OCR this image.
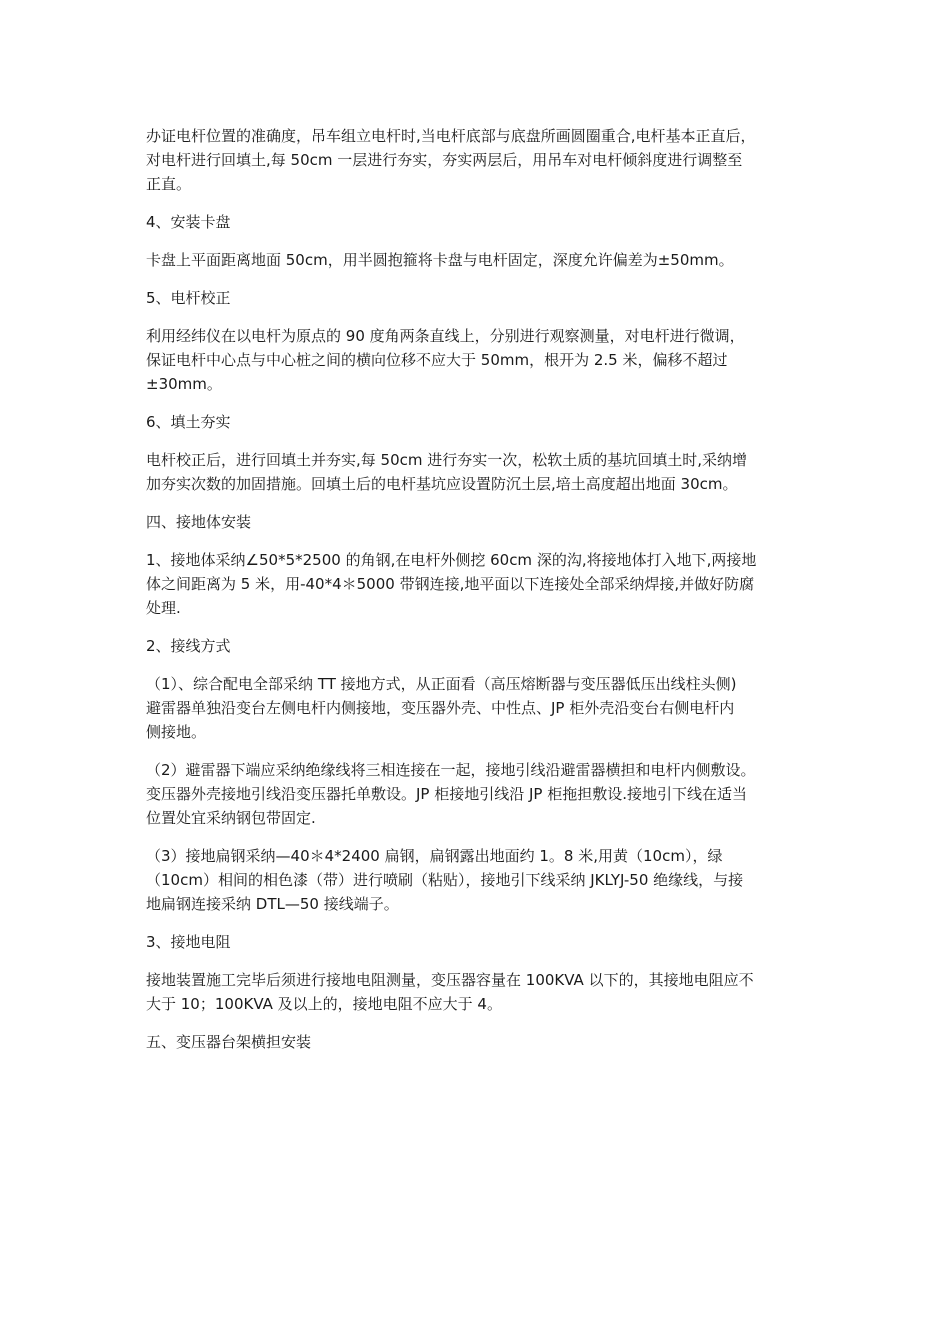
办证电杆位置的准确度，吊车组立电杆时,当电杆底部与底盘所画圆圈重合,电杆基本正直后，
对电杆进行回填土,每 50cm 一层进行夯实，夯实两层后，用吊车对电杆倾斜度进行调整至
正直。
4、安装卡盘
卡盘上平面距离地面 50cm，用半圆抱箍将卡盘与电杆固定，深度允许偏差为±50mm。
5、电杆校正
利用经纬仪在以电杆为原点的 90 度角两条直线上，分别进行观察测量，对电杆进行微调，
保证电杆中心点与中心桩之间的横向位移不应大于 50mm，根开为 2.5 米，偏移不超过
±30mm。
6、填土夯实
电杆校正后，进行回填土并夯实,每 50cm 进行夯实一次，松软土质的基坑回填土时,采纳增
加夯实次数的加固措施。回填土后的电杆基坑应设置防沉土层,培土高度超出地面 30cm。
四、接地体安装
1、接地体采纳∠50*5*2500 的角钢,在电杆外侧挖 60cm 深的沟,将接地体打入地下,两接地
体之间距离为 5 米，用-40*4＊5000 带钢连接,地平面以下连接处全部采纳焊接,并做好防腐
处理.
2、接线方式
（1）、综合配电全部采纳 TT 接地方式，从正面看（高压熔断器与变压器低压出线柱头侧)
避雷器单独沿变台左侧电杆内侧接地，变压器外壳、中性点、JP 柜外壳沿变台右侧电杆内
侧接地。
（2）避雷器下端应采纳绝缘线将三相连接在一起，接地引线沿避雷器横担和电杆内侧敷设。
变压器外壳接地引线沿变压器托单敷设。JP 柜接地引线沿 JP 柜拖担敷设.接地引下线在适当
位置处宜采纳钢包带固定.
（3）接地扁钢采纳—40＊4*2400 扁钢，扁钢露出地面约 1。8 米,用黄（10cm），绿
（10cm）相间的相色漆（带）进行喷刷（粘贴），接地引下线采纳 JKLYJ-50 绝缘线，与接
地扁钢连接采纳 DTL—50 接线端子。
3、接地电阻
接地装置施工完毕后须进行接地电阻测量，变压器容量在 100KVA 以下的，其接地电阻应不
大于 10；100KVA 及以上的，接地电阻不应大于 4。
五、变压器台架横担安装
